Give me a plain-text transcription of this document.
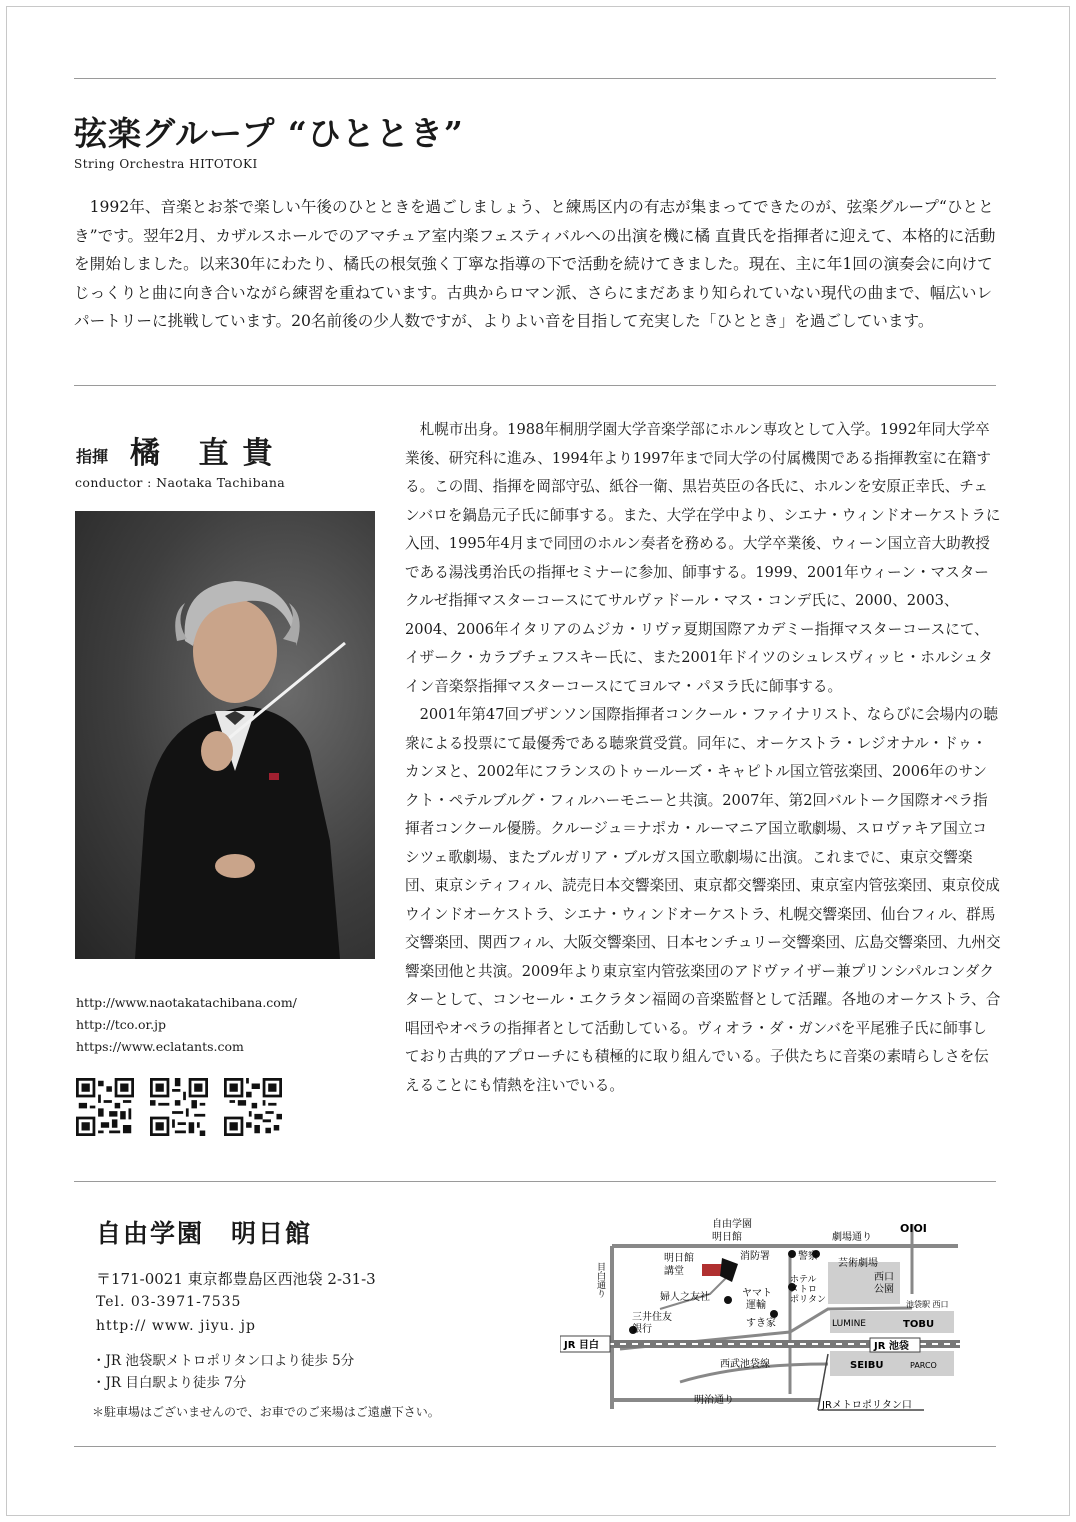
弦楽グループ “ひととき”
String Orchestra HITOTOKI

1992年、音楽とお茶で楽しい午後のひとときを過ごしましょう、と練馬区内の有志が集まってできたのが、弦楽グループ“ひととき”です。翌年2月、カザルスホールでのアマチュア室内楽フェスティバルへの出演を機に橘 直貴氏を指揮者に迎えて、本格的に活動を開始しました。以来30年にわたり、橘氏の根気強く丁寧な指導の下で活動を続けてきました。現在、主に年1回の演奏会に向けてじっくりと曲に向き合いながら練習を重ねています。古典からロマン派、さらにまだあまり知られていない現代の曲まで、幅広いレパートリーに挑戦しています。20名前後の少人数ですが、よりよい音を目指して充実した「ひととき」を過ごしています。

指揮 橘 直貴
conductor : Naotaka Tachibana
http://www.naotakatachibana.com/
http://tco.or.jp
https://www.eclatants.com

札幌市出身。1988年桐朋学園大学音楽学部にホルン専攻として入学。1992年同大学卒業後、研究科に進み、1994年より1997年まで同大学の付属機関である指揮教室に在籍する。この間、指揮を岡部守弘、紙谷一衛、黒岩英臣の各氏に、ホルンを安原正幸氏、チェンバロを鍋島元子氏に師事する。また、大学在学中より、シエナ・ウィンドオーケストラに入団、1995年4月まで同団のホルン奏者を務める。大学卒業後、ウィーン国立音大助教授である湯浅勇治氏の指揮セミナーに参加、師事する。1999、2001年ウィーン・マスタークルゼ指揮マスターコースにてサルヴァドール・マス・コンデ氏に、2000、2003、2004、2006年イタリアのムジカ・リヴァ夏期国際アカデミー指揮マスターコースにて、イザーク・カラブチェフスキー氏に、また2001年ドイツのシュレスヴィッヒ・ホルシュタイン音楽祭指揮マスターコースにてヨルマ・パヌラ氏に師事する。

2001年第47回ブザンソン国際指揮者コンクール・ファイナリスト、ならびに会場内の聴衆による投票にて最優秀である聴衆賞受賞。同年に、オーケストラ・レジオナル・ドゥ・カンヌと、2002年にフランスのトゥールーズ・キャピトル国立管弦楽団、2006年のサンクト・ペテルブルグ・フィルハーモニーと共演。2007年、第2回バルトーク国際オペラ指揮者コンクール優勝。クルージュ＝ナポカ・ルーマニア国立歌劇場、スロヴァキア国立コシツェ歌劇場、またブルガリア・ブルガス国立歌劇場に出演。これまでに、東京交響楽団、東京シティフィル、読売日本交響楽団、東京都交響楽団、東京室内管弦楽団、東京佼成ウインドオーケストラ、シエナ・ウィンドオーケストラ、札幌交響楽団、仙台フィル、群馬交響楽団、関西フィル、大阪交響楽団、日本センチュリー交響楽団、広島交響楽団、九州交響楽団他と共演。2009年より東京室内管弦楽団のアドヴァイザー兼プリンシパルコンダクターとして、コンセール・エクラタン福岡の音楽監督として活躍。各地のオーケストラ、合唱団やオペラの指揮者として活動している。ヴィオラ・ダ・ガンバを平尾雅子氏に師事しており古典的アプローチにも積極的に取り組んでいる。子供たちに音楽の素晴らしさを伝えることにも情熱を注いでいる。

自由学園　明日館
〒171-0021 東京都豊島区西池袋 2-31-3
Tel. 03-3971-7535
http:// www. jiyu. jp
・JR 池袋駅メトロポリタン口より徒歩 5分
・JR 目白駅より徒歩 7分
＊駐車場はございませんので、お車でのご来場はご遠慮下さい。
自由学園
明日館
明日館
講堂
劇場通り
OIOI
消防署	警察
芸術劇場
西口
公園
目白通り	ホテル
メトロ
ポリタン
婦人之友社	ヤマト
運輸
すき家
三井住友
銀行
池袋駅 西口
LUMINE	TOBU
JR 目白	JR 池袋
西武池袋線	SEIBU	PARCO
明治通り	JRメトロポリタン口
